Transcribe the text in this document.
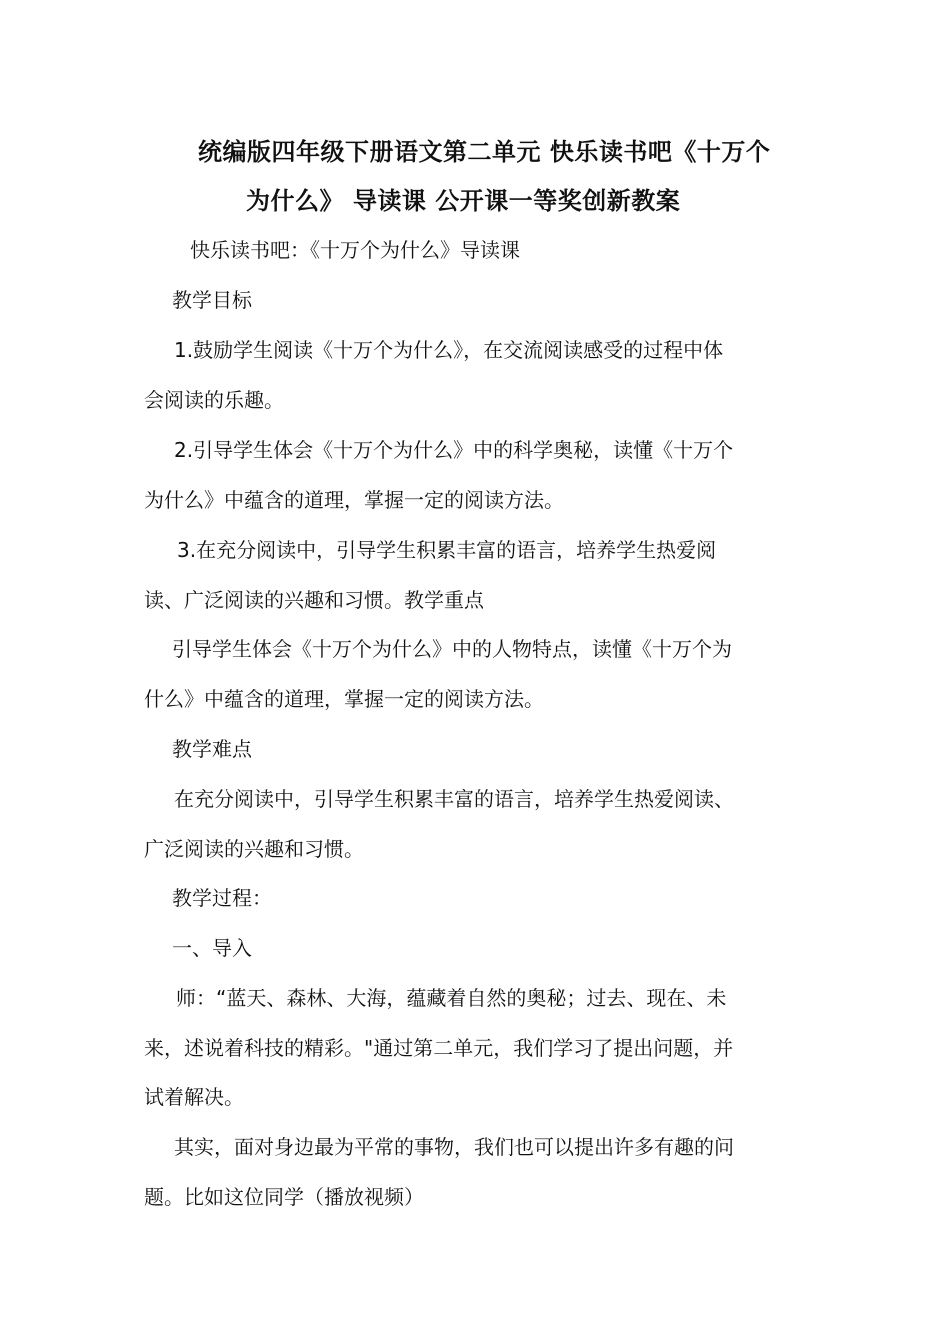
统编版四年级下册语文第二单元 快乐读书吧《十万个
为什么》 导读课 公开课一等奖创新教案
快乐读书吧：《十万个为什么》导读课
教学目标
1.鼓励学生阅读《十万个为什么》，在交流阅读感受的过程中体
会阅读的乐趣。
2.引导学生体会《十万个为什么》中的科学奥秘，读懂《十万个
为什么》中蕴含的道理，掌握一定的阅读方法。
3.在充分阅读中，引导学生积累丰富的语言，培养学生热爱阅
读、广泛阅读的兴趣和习惯。教学重点
引导学生体会《十万个为什么》中的人物特点，读懂《十万个为
什么》中蕴含的道理，掌握一定的阅读方法。
教学难点
在充分阅读中，引导学生积累丰富的语言，培养学生热爱阅读、
广泛阅读的兴趣和习惯。
教学过程：
一、导入
师：“蓝天、森林、大海，蕴藏着自然的奥秘；过去、现在、未
来，述说着科技的精彩。"通过第二单元，我们学习了提出问题，并
试着解决。
其实，面对身边最为平常的事物，我们也可以提出许多有趣的问
题。比如这位同学（播放视频）
